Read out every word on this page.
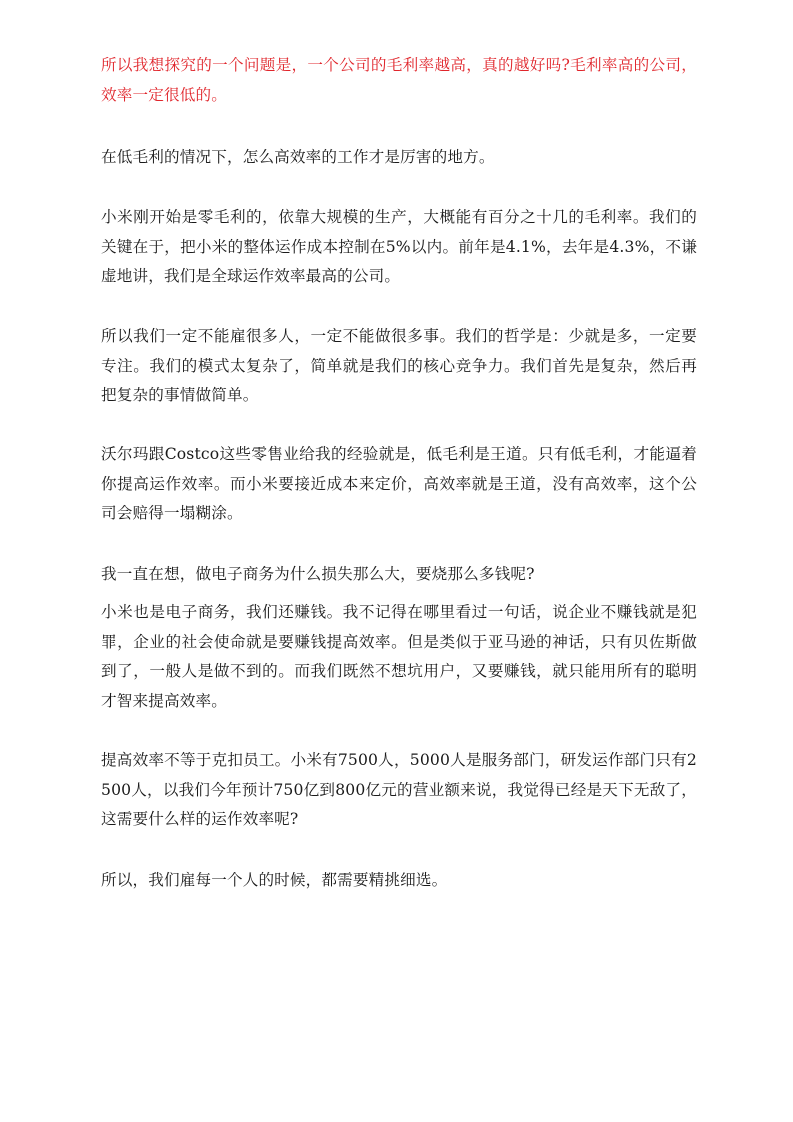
所以我想探究的一个问题是，一个公司的毛利率越高，真的越好吗?毛利率高的公司，效率一定很低的。

在低毛利的情况下，怎么高效率的工作才是厉害的地方。

小米刚开始是零毛利的，依靠大规模的生产，大概能有百分之十几的毛利率。我们的关键在于，把小米的整体运作成本控制在5%以内。前年是4.1%，去年是4.3%，不谦虚地讲，我们是全球运作效率最高的公司。

所以我们一定不能雇很多人，一定不能做很多事。我们的哲学是：少就是多，一定要专注。我们的模式太复杂了，简单就是我们的核心竞争力。我们首先是复杂，然后再把复杂的事情做简单。

沃尔玛跟Costco这些零售业给我的经验就是，低毛利是王道。只有低毛利，才能逼着你提高运作效率。而小米要接近成本来定价，高效率就是王道，没有高效率，这个公司会赔得一塌糊涂。

我一直在想，做电子商务为什么损失那么大，要烧那么多钱呢?

小米也是电子商务，我们还赚钱。我不记得在哪里看过一句话，说企业不赚钱就是犯罪，企业的社会使命就是要赚钱提高效率。但是类似于亚马逊的神话，只有贝佐斯做到了，一般人是做不到的。而我们既然不想坑用户，又要赚钱，就只能用所有的聪明才智来提高效率。

提高效率不等于克扣员工。小米有7500人，5000人是服务部门，研发运作部门只有2500人，以我们今年预计750亿到800亿元的营业额来说，我觉得已经是天下无敌了，这需要什么样的运作效率呢?

所以，我们雇每一个人的时候，都需要精挑细选。
